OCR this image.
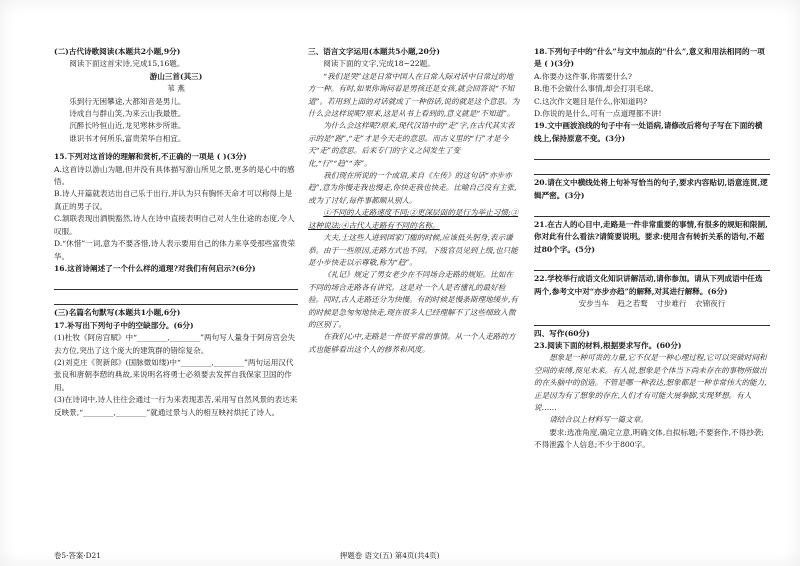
(二)古代诗歌阅读(本题共2小题,9分)

阅读下面这首宋诗,完成15,16题。

游山三首(其三)

苇 燕

乐到行无困攀途,大都知音是男儿。

诗成自与群山笑,为来云山我最胜。

沉醉长吟恒山近,龙见寒林步所谁。

谁识书才何所乐,富贵荣华自相宜。

15.下列对这首诗的理解和赏析,不正确的一项是 ( )(3分)

A.这首诗以游山为题,但并没有具体描写游山所见之景,更多的是心中的感悟。

B.诗人开篇就表达出自己乐于出行,并认为只有胸怀天命才可以称得上是真正的男子汉。

C.颔联表现出洒脱豁然,诗人在诗中直接表明自己对人生仕途的态度,令人叹服。

D.“休惜”一词,意为不要吝惜,诗人表示要用自己的体力来享受那些富贵荣华。

16.这首诗阐述了一个什么样的道理?对我们有何启示?(6分)

(三)名篇名句默写(本题共1小题,6分)

17.补写出下列句子中的空缺部分。(6分)

(1)杜牧《阿房宫赋》中“________,________”两句写人量身于阿房宫会失去方位,突出了这个庞大的建筑群的错综复杂。

(2)刘克庄《贺新郎》(国脉微如缕)中“________,________”两句运用汉代张良和唐朝李愬的典故,来说明名将勇士必须要去发挥自我保家卫国的作用。

(3)在诗词中,诗人往往会通过一行为来表现悲苦,采用写自然风景的表达来反映景,“________,________”就通过景与人的相互映衬烘托了诗人。

三、语言文字运用(本题共5小题,20分)

阅读下面的文字,完成18~22题。

“我们是哭”这是日常中国人在日常人际对话中日常过的地方一种。有时,如果你询问着是男孩还是女孩,就会回答说“不知道”。若用到上面的对话就成了一种俗话,说的就是这个意思。为什么会这样说呢?原来,这是从书上看到的,意义就是“不知道”。

为什么会这样呢?原来,现代汉语中的“走”字,在古代其实表示的是“跑”,“走”才是今天走的意思。而古义里的“行”才是今天“走”的意思。后来专门的字义之间发生了变化,“行”“趋”“奔”。

我们现在所说的一个成语,来自《左传》的这句话“亦步亦趋”,意为你慢走我也慢走,你快走我也快走。比喻自己没有主张,或为了讨好,每件事都顺从别人。

①不同的人走路速度不同;②更深层面的是行为举止习惯;③这种说法;④古代人走路有不同的名称。

大夫,士这些人进到国家门槛的时候,应该低头躬身,表示谦恭。由于一些原因,走路方式也不同。下级官员见到上级,也只能是小步快走以示尊敬,称为“趋”。

《礼记》规定了男女老少在不同场合走路的规矩。比如在不同的场合走路各有讲究。这是对一个人是否懂礼的最好检验。同时,古人走路还分为快慢。有的时候是慢条斯理地缓步,有的时候是急匆匆地快走,现在很多人已经理解不了这些细致入微的区别了。

在我们心中,走路是一件很平常的事情。从一个人走路的方式也能够看出这个人的修养和风度。

18.下列句子中的“什么”与文中加点的“什么”,意义和用法相同的一项是 ( )(3分)

A.你要办这件事,你需要什么?

B.他不会做什么事情,却会打羽毛球。

C.这次作文题目是什么,你知道吗?

D.你说的是什么,可有一点道理都不讲!

19.文中画波浪线的句子中有一处语病,请修改后将句子写在下面的横线上,保持原意不变。(3分)

20.请在文中横线处将上句补写恰当的句子,要求内容贴切,语意连贯,逻辑严密。(3分)

21.在古人的心目中,走路是一件非常重要的事情,有很多的规矩和限制,你对此有什么看法?请简要说明。要求:使用含有转折关系的语句,不超过80个字。(5分)

22.学校举行成语文化知识讲解活动,请你参加。请从下列成语中任选两个,参考文中对“亦步亦趋”的解释,对其进行解释。(6分)

安步当车 趋之若鹜 寸步难行 衣锦夜行

四、写作(60分)

23.阅读下面的材料,根据要求写作。(60分)

想象是一种可贵的力量,它不仅是一种心理过程,它可以突破时间和空间的束缚,预见未来。有人说,想象是个体当下尚未存在的事物所做出的在头脑中的创造。不管是哪一种表达,想象都是一种非常伟大的能力,正是因为有了想象的存在,人们才有可能大展拳脚,实现梦想。有人说……

请结合以上材料写一篇文章。

要求:选准角度,确定立意,明确文体,自拟标题;不要套作,不得抄袭;不得泄露个人信息;不少于800字。

卷5·答案·D21	押题卷 语文(五) 第4页(共4页)
